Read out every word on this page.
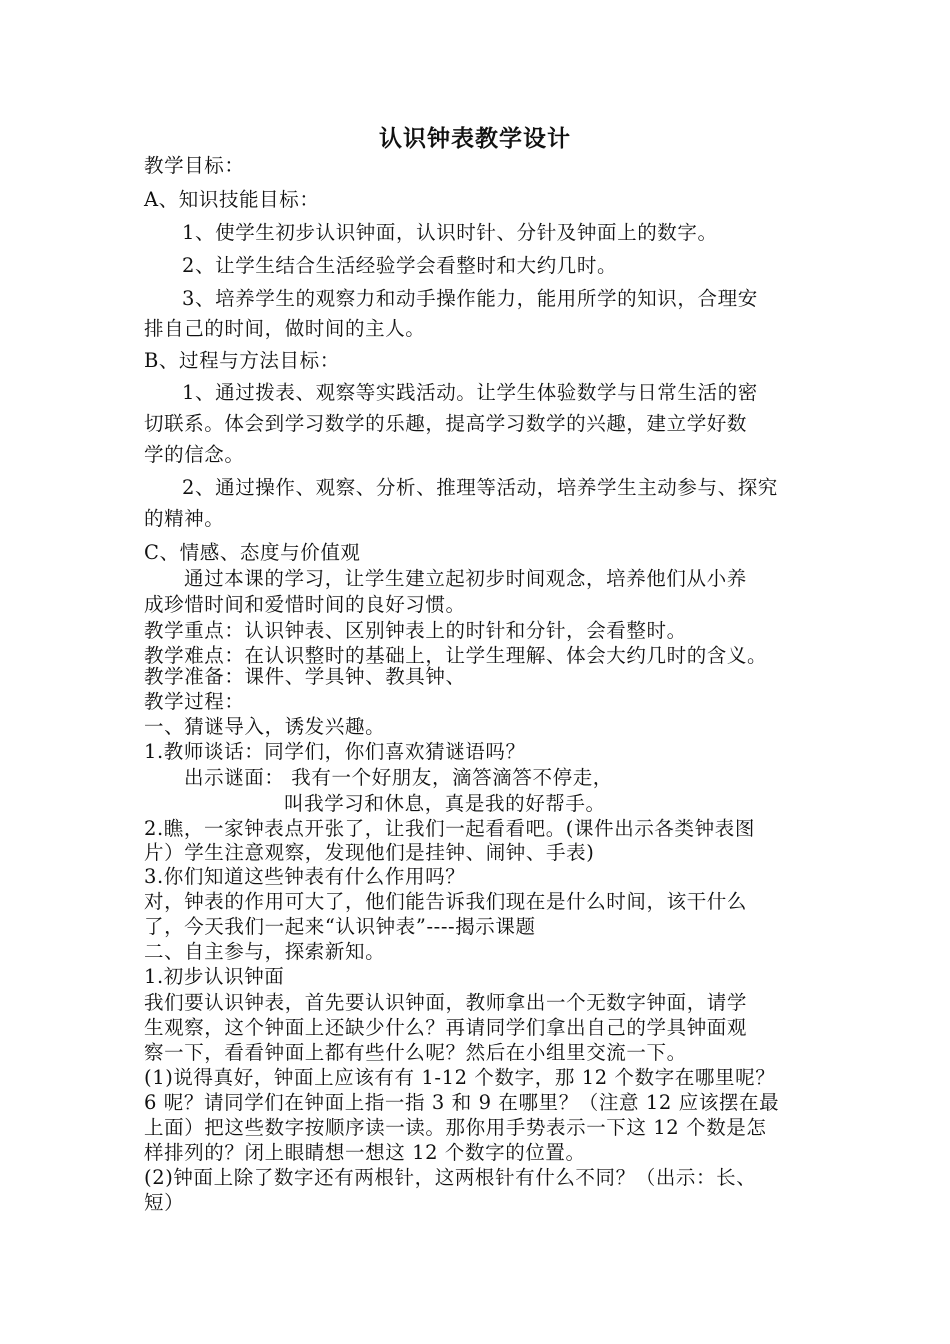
认识钟表教学设计
教学目标：
A、知识技能目标：
1、使学生初步认识钟面，认识时针、分针及钟面上的数字。
2、让学生结合生活经验学会看整时和大约几时。
3、培养学生的观察力和动手操作能力，能用所学的知识，合理安
排自己的时间，做时间的主人。
B、过程与方法目标：
1、通过拨表、观察等实践活动。让学生体验数学与日常生活的密
切联系。体会到学习数学的乐趣，提高学习数学的兴趣，建立学好数
学的信念。
2、通过操作、观察、分析、推理等活动，培养学生主动参与、探究
的精神。
C、情感、态度与价值观
通过本课的学习，让学生建立起初步时间观念，培养他们从小养
成珍惜时间和爱惜时间的良好习惯。
教学重点：认识钟表、区别钟表上的时针和分针，会看整时。
教学难点：在认识整时的基础上，让学生理解、体会大约几时的含义。
教学准备：课件、学具钟、教具钟、
教学过程：
一、猜谜导入，诱发兴趣。
1.教师谈话：同学们，你们喜欢猜谜语吗？
出示谜面： 我有一个好朋友，滴答滴答不停走，
叫我学习和休息，真是我的好帮手。
2.瞧，一家钟表点开张了，让我们一起看看吧。(课件出示各类钟表图
片）学生注意观察，发现他们是挂钟、闹钟、手表)
3.你们知道这些钟表有什么作用吗？
对，钟表的作用可大了，他们能告诉我们现在是什么时间，该干什么
了，今天我们一起来“认识钟表”----揭示课题
二、自主参与，探索新知。
1.初步认识钟面
我们要认识钟表，首先要认识钟面，教师拿出一个无数字钟面，请学
生观察，这个钟面上还缺少什么？再请同学们拿出自己的学具钟面观
察一下，看看钟面上都有些什么呢？然后在小组里交流一下。
(1)说得真好，钟面上应该有有 1-12 个数字，那 12 个数字在哪里呢？
6 呢？请同学们在钟面上指一指 3 和 9 在哪里？（注意 12 应该摆在最
上面）把这些数字按顺序读一读。那你用手势表示一下这 12 个数是怎
样排列的？闭上眼睛想一想这 12 个数字的位置。
(2)钟面上除了数字还有两根针，这两根针有什么不同？（出示：长、
短）
